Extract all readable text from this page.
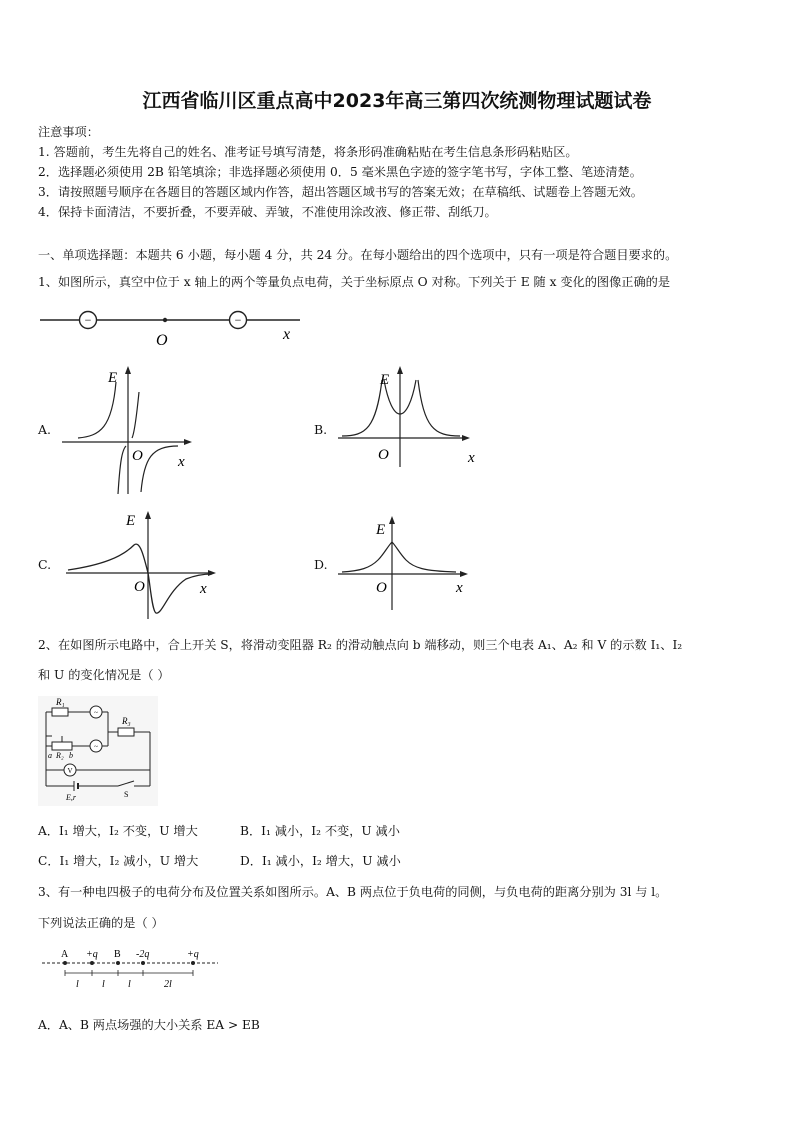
江西省临川区重点高中2023年高三第四次统测物理试题试卷
注意事项：
1. 答题前，考生先将自己的姓名、准考证号填写清楚，将条形码准确粘贴在考生信息条形码粘贴区。
2．选择题必须使用 2B 铅笔填涂；非选择题必须使用 0．5 毫米黑色字迹的签字笔书写，字体工整、笔迹清楚。
3．请按照题号顺序在各题目的答题区域内作答，超出答题区域书写的答案无效；在草稿纸、试题卷上答题无效。
4．保持卡面清洁，不要折叠，不要弄破、弄皱，不准使用涂改液、修正带、刮纸刀。
一、单项选择题：本题共 6 小题，每小题 4 分，共 24 分。在每小题给出的四个选项中，只有一项是符合题目要求的。
1、如图所示，真空中位于 x 轴上的两个等量负点电荷，关于坐标原点 O 对称。下列关于 E 随 x 变化的图像正确的是
−	−
O	x
A.
E
O x
B.
E
O	x
C.
E
O	x
D.
E
O	x
2、在如图所示电路中，合上开关 S，将滑动变阻器 R₂ 的滑动触点向 b 端移动，则三个电表 A₁、A₂ 和 V 的示数 I₁、I₂
和 U 的变化情况是（ ）
~
R₁
R₃
~
a R₂ b
V
E,r	S
A．I₁ 增大，I₂ 不变，U 增大	B．I₁ 减小，I₂ 不变，U 减小
C．I₁ 增大，I₂ 减小，U 增大	D．I₁ 减小，I₂ 增大，U 减小
3、有一种电四极子的电荷分布及位置关系如图所示。A、B 两点位于负电荷的同侧，与负电荷的距离分别为 3l 与 l。
下列说法正确的是（ ）
A +q B -2q	+q
l l l	2l
A．A、B 两点场强的大小关系 EA > EB
